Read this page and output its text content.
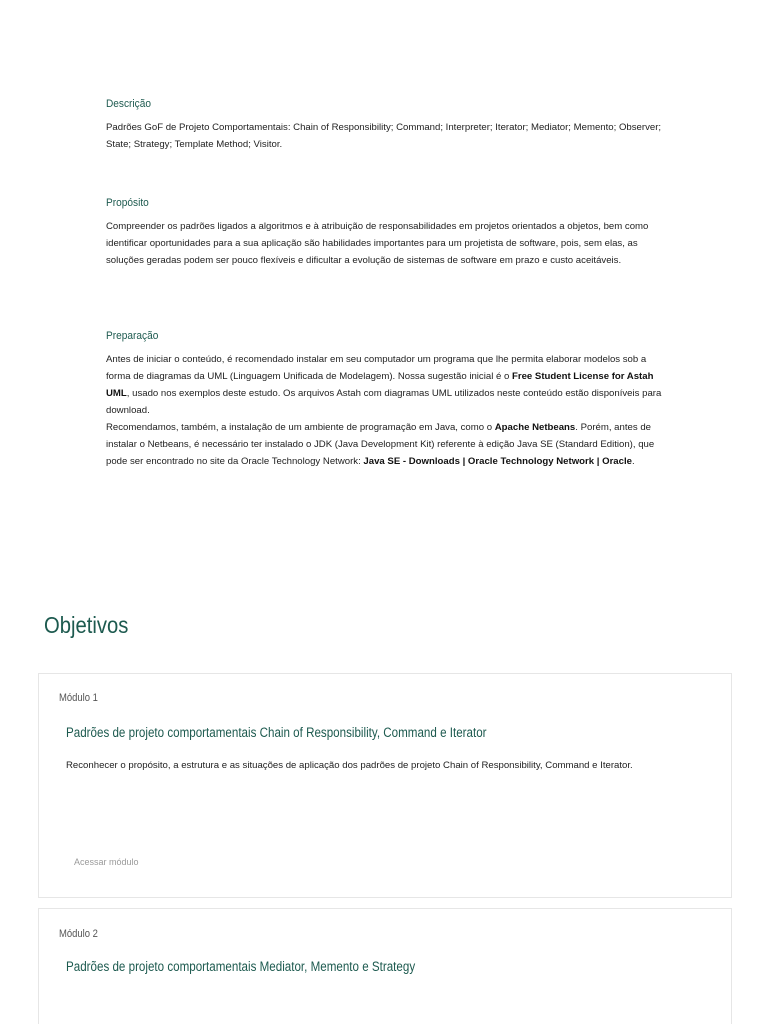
Descrição
Padrões GoF de Projeto Comportamentais: Chain of Responsibility; Command; Interpreter; Iterator; Mediator; Memento; Observer; State; Strategy; Template Method; Visitor.
Propósito
Compreender os padrões ligados a algoritmos e à atribuição de responsabilidades em projetos orientados a objetos, bem como identificar oportunidades para a sua aplicação são habilidades importantes para um projetista de software, pois, sem elas, as soluções geradas podem ser pouco flexíveis e dificultar a evolução de sistemas de software em prazo e custo aceitáveis.
Preparação
Antes de iniciar o conteúdo, é recomendado instalar em seu computador um programa que lhe permita elaborar modelos sob a forma de diagramas da UML (Linguagem Unificada de Modelagem). Nossa sugestão inicial é o Free Student License for Astah UML, usado nos exemplos deste estudo. Os arquivos Astah com diagramas UML utilizados neste conteúdo estão disponíveis para download.
Recomendamos, também, a instalação de um ambiente de programação em Java, como o Apache Netbeans. Porém, antes de instalar o Netbeans, é necessário ter instalado o JDK (Java Development Kit) referente à edição Java SE (Standard Edition), que pode ser encontrado no site da Oracle Technology Network: Java SE - Downloads | Oracle Technology Network | Oracle.
Objetivos
Módulo 1
Padrões de projeto comportamentais Chain of Responsibility, Command e Iterator
Reconhecer o propósito, a estrutura e as situações de aplicação dos padrões de projeto Chain of Responsibility, Command e Iterator.
Acessar módulo
Módulo 2
Padrões de projeto comportamentais Mediator, Memento e Strategy
